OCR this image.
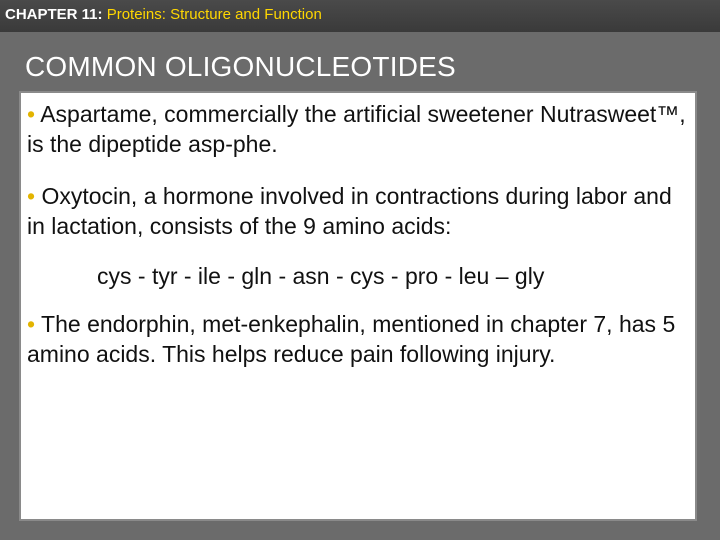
CHAPTER 11: Proteins: Structure and Function
COMMON OLIGONUCLEOTIDES

• Aspartame, commercially the artificial sweetener Nutrasweet™, is the dipeptide asp-phe.

• Oxytocin, a hormone involved in contractions during labor and in lactation, consists of the 9 amino acids:

cys - tyr - ile - gln - asn - cys - pro - leu – gly

• The endorphin, met-enkephalin, mentioned in chapter 7, has 5 amino acids. This helps reduce pain following injury.
